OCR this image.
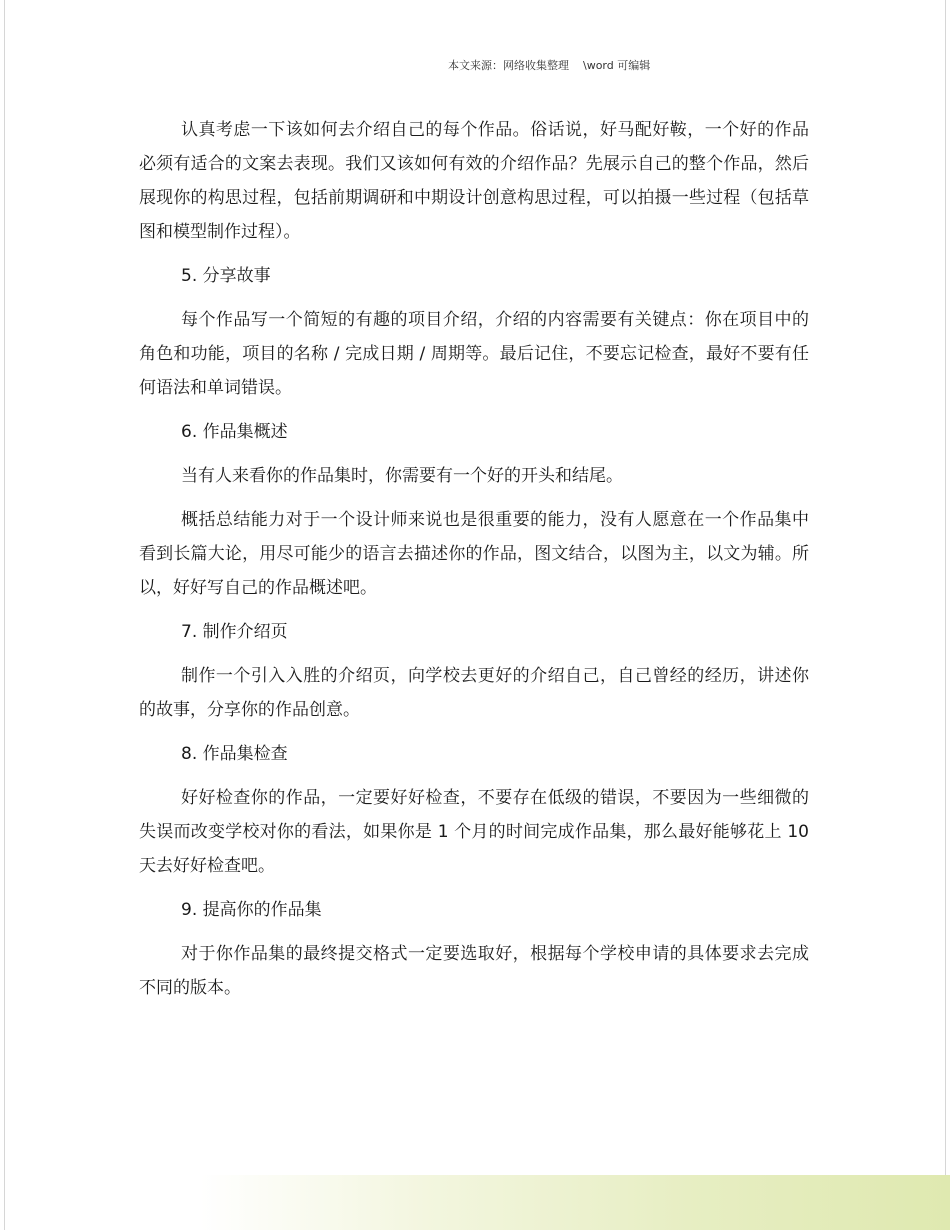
本文来源：网络收集整理    \word 可编辑

认真考虑一下该如何去介绍自己的每个作品。俗话说，好马配好鞍，一个好的作品必须有适合的文案去表现。我们又该如何有效的介绍作品？先展示自己的整个作品，然后展现你的构思过程，包括前期调研和中期设计创意构思过程，可以拍摄一些过程（包括草图和模型制作过程）。

5. 分享故事

每个作品写一个简短的有趣的项目介绍，介绍的内容需要有关键点：你在项目中的角色和功能，项目的名称 / 完成日期 / 周期等。最后记住，不要忘记检查，最好不要有任何语法和单词错误。

6. 作品集概述

当有人来看你的作品集时，你需要有一个好的开头和结尾。

概括总结能力对于一个设计师来说也是很重要的能力，没有人愿意在一个作品集中看到长篇大论，用尽可能少的语言去描述你的作品，图文结合，以图为主，以文为辅。所以，好好写自己的作品概述吧。

7. 制作介绍页

制作一个引入入胜的介绍页，向学校去更好的介绍自己，自己曾经的经历，讲述你的故事，分享你的作品创意。

8. 作品集检查

好好检查你的作品，一定要好好检查，不要存在低级的错误，不要因为一些细微的失误而改变学校对你的看法，如果你是 1 个月的时间完成作品集，那么最好能够花上 10 天去好好检查吧。

9. 提高你的作品集

对于你作品集的最终提交格式一定要选取好，根据每个学校申请的具体要求去完成不同的版本。
